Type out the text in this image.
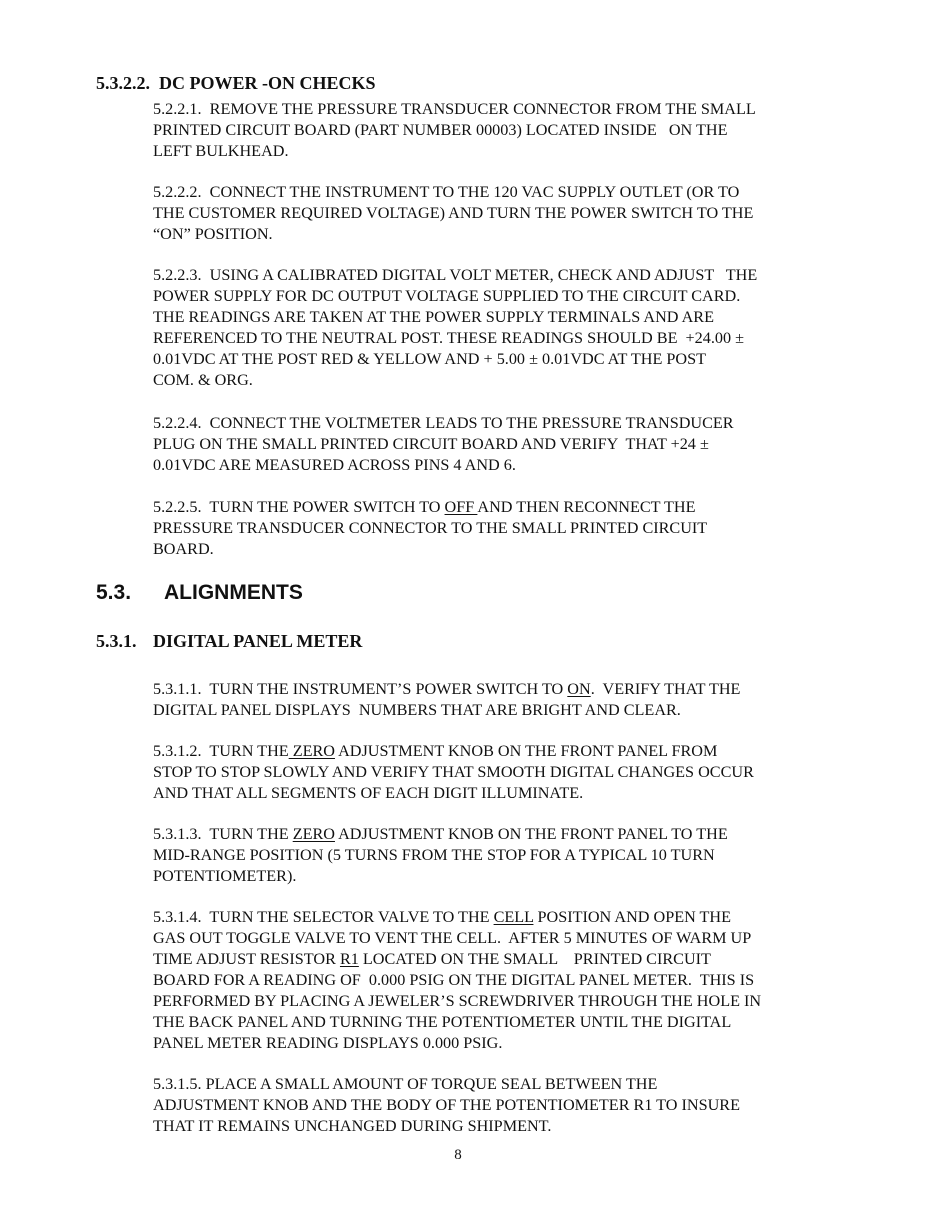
5.3.2.2. DC POWER -ON CHECKS
5.2.2.1.  REMOVE THE PRESSURE TRANSDUCER CONNECTOR FROM THE SMALL
PRINTED CIRCUIT BOARD (PART NUMBER 00003) LOCATED INSIDE   ON THE
LEFT BULKHEAD.
5.2.2.2.  CONNECT THE INSTRUMENT TO THE 120 VAC SUPPLY OUTLET (OR TO
THE CUSTOMER REQUIRED VOLTAGE) AND TURN THE POWER SWITCH TO THE
“ON” POSITION.
5.2.2.3.  USING A CALIBRATED DIGITAL VOLT METER, CHECK AND ADJUST   THE
POWER SUPPLY FOR DC OUTPUT VOLTAGE SUPPLIED TO THE CIRCUIT CARD.
THE READINGS ARE TAKEN AT THE POWER SUPPLY TERMINALS AND ARE
REFERENCED TO THE NEUTRAL POST. THESE READINGS SHOULD BE  +24.00 ±
0.01VDC AT THE POST RED & YELLOW AND + 5.00 ± 0.01VDC AT THE POST
COM. & ORG.
5.2.2.4.  CONNECT THE VOLTMETER LEADS TO THE PRESSURE TRANSDUCER
PLUG ON THE SMALL PRINTED CIRCUIT BOARD AND VERIFY  THAT +24 ±
0.01VDC ARE MEASURED ACROSS PINS 4 AND 6.
5.2.2.5.  TURN THE POWER SWITCH TO OFF AND THEN RECONNECT THE
PRESSURE TRANSDUCER CONNECTOR TO THE SMALL PRINTED CIRCUIT
BOARD.
5.3. ALIGNMENTS
5.3.1. DIGITAL PANEL METER
5.3.1.1.  TURN THE INSTRUMENT’S POWER SWITCH TO ON.  VERIFY THAT THE
DIGITAL PANEL DISPLAYS  NUMBERS THAT ARE BRIGHT AND CLEAR.
5.3.1.2.  TURN THE ZERO ADJUSTMENT KNOB ON THE FRONT PANEL FROM
STOP TO STOP SLOWLY AND VERIFY THAT SMOOTH DIGITAL CHANGES OCCUR
AND THAT ALL SEGMENTS OF EACH DIGIT ILLUMINATE.
5.3.1.3.  TURN THE ZERO ADJUSTMENT KNOB ON THE FRONT PANEL TO THE
MID-RANGE POSITION (5 TURNS FROM THE STOP FOR A TYPICAL 10 TURN
POTENTIOMETER).
5.3.1.4.  TURN THE SELECTOR VALVE TO THE CELL POSITION AND OPEN THE
GAS OUT TOGGLE VALVE TO VENT THE CELL.  AFTER 5 MINUTES OF WARM UP
TIME ADJUST RESISTOR R1 LOCATED ON THE SMALL    PRINTED CIRCUIT
BOARD FOR A READING OF  0.000 PSIG ON THE DIGITAL PANEL METER.  THIS IS
PERFORMED BY PLACING A JEWELER’S SCREWDRIVER THROUGH THE HOLE IN
THE BACK PANEL AND TURNING THE POTENTIOMETER UNTIL THE DIGITAL
PANEL METER READING DISPLAYS 0.000 PSIG.
5.3.1.5. PLACE A SMALL AMOUNT OF TORQUE SEAL BETWEEN THE
ADJUSTMENT KNOB AND THE BODY OF THE POTENTIOMETER R1 TO INSURE
THAT IT REMAINS UNCHANGED DURING SHIPMENT.
8
